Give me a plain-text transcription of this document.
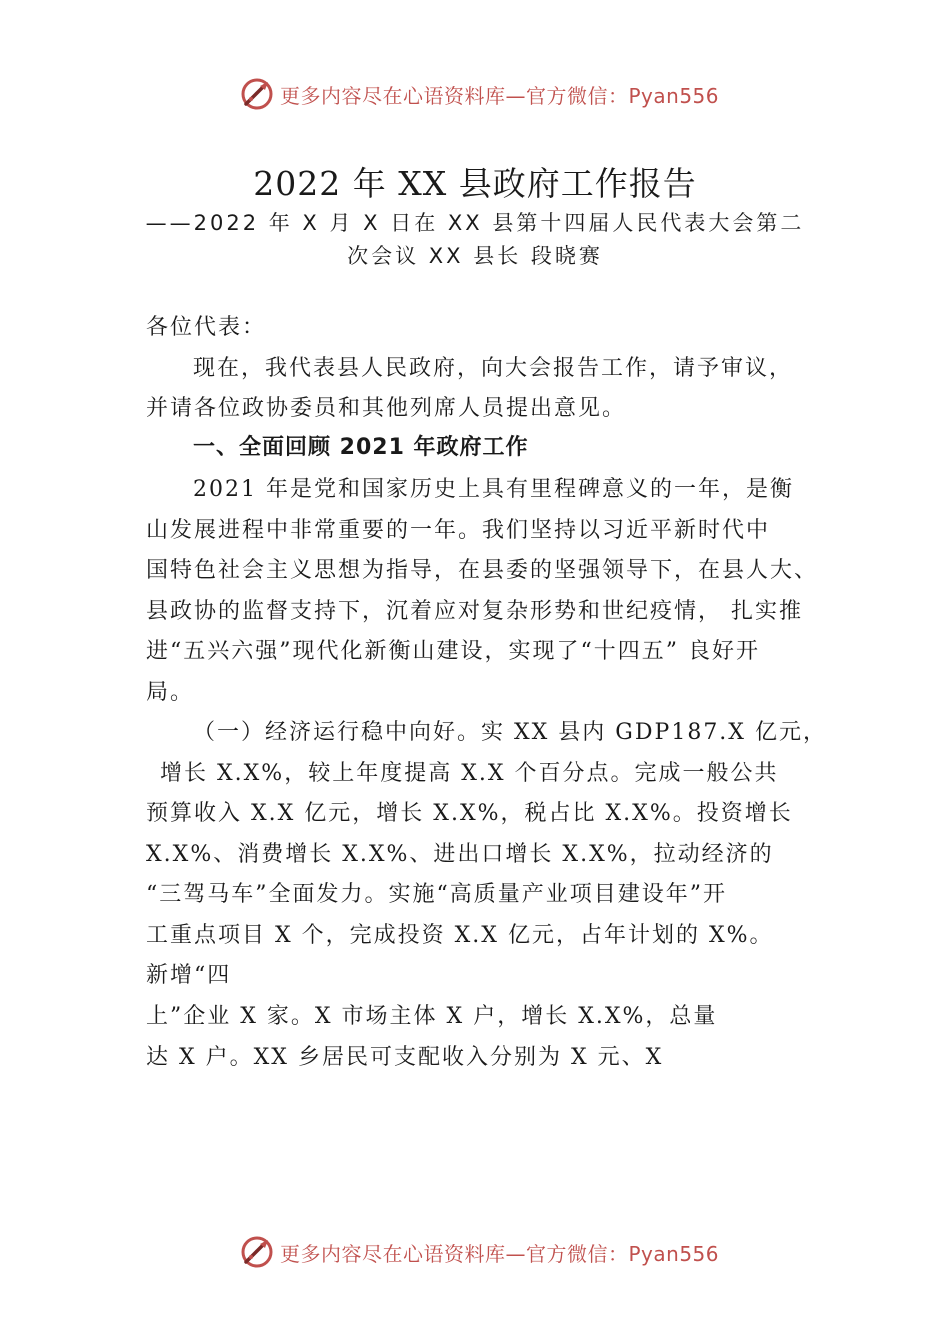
更多内容尽在心语资料库—官方微信：Pyan556
2022 年 XX 县政府工作报告
——2022 年 X 月 X 日在 XX 县第十四届人民代表大会第二
次会议 XX 县长 段晓赛
各位代表：
现在，我代表县人民政府，向大会报告工作，请予审议，
并请各位政协委员和其他列席人员提出意见。
一、全面回顾 2021 年政府工作
2021 年是党和国家历史上具有里程碑意义的一年，是衡
山发展进程中非常重要的一年。我们坚持以习近平新时代中
国特色社会主义思想为指导，在县委的坚强领导下，在县人大、
县政协的监督支持下，沉着应对复杂形势和世纪疫情， 扎实推
进“五兴六强”现代化新衡山建设，实现了“十四五” 良好开
局。
（一）经济运行稳中向好。实 XX 县内 GDP187.X 亿元，
增长 X.X%，较上年度提高 X.X 个百分点。完成一般公共
预算收入 X.X 亿元，增长 X.X%，税占比 X.X%。投资增长
X.X%、消费增长 X.X%、进出口增长 X.X%，拉动经济的
“三驾马车”全面发力。实施“高质量产业项目建设年”开
工重点项目 X 个，完成投资 X.X 亿元，占年计划的 X%。
新增“四
上”企业 X 家。X 市场主体 X 户，增长 X.X%，总量
达 X 户。XX 乡居民可支配收入分别为 X 元、X
更多内容尽在心语资料库—官方微信：Pyan556
